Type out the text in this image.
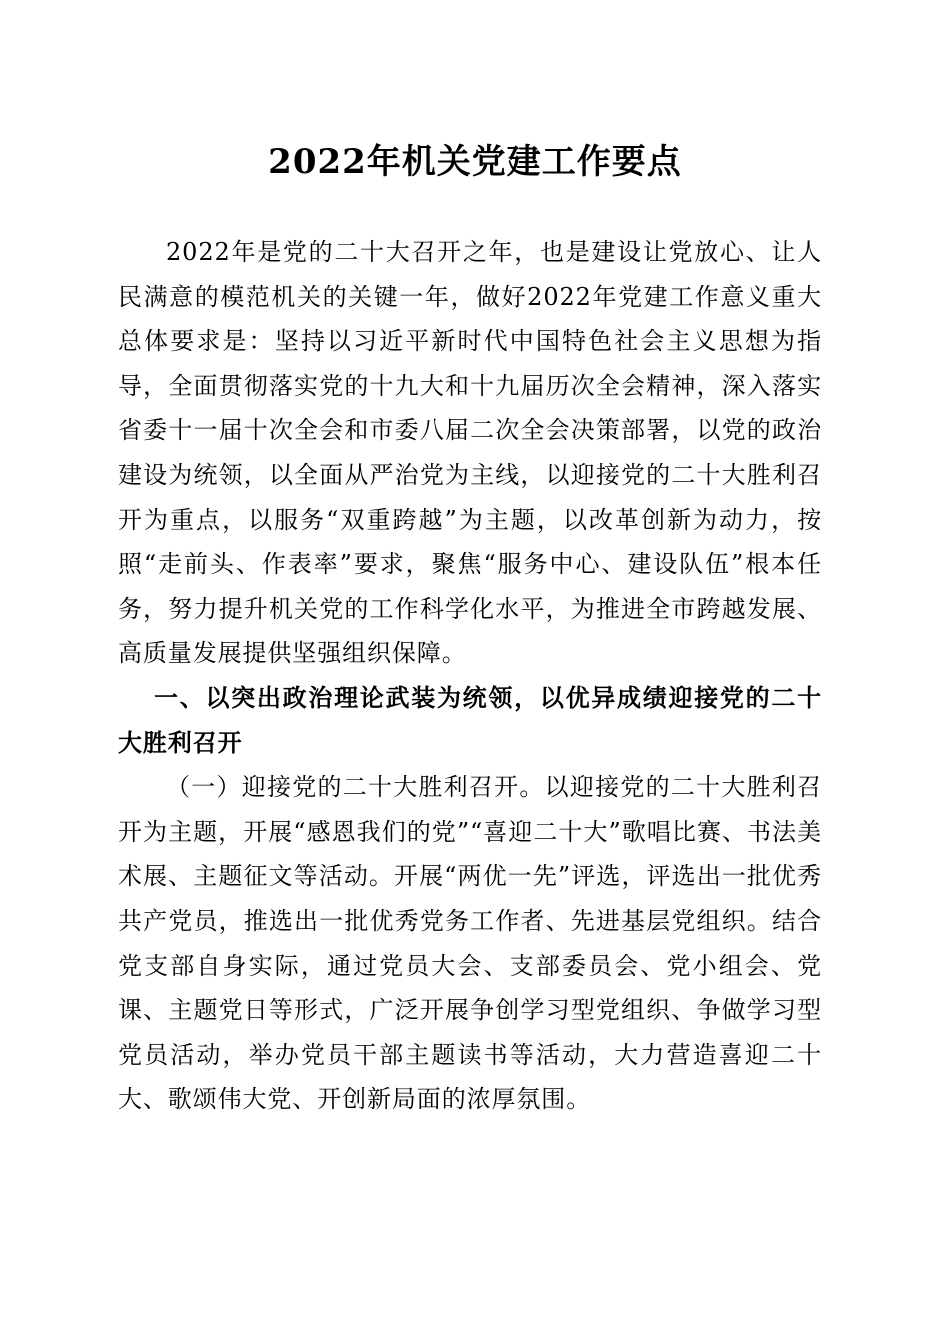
2022年机关党建工作要点

2022年是党的二十大召开之年，也是建设让党放心、让人民满意的模范机关的关键一年，做好2022年党建工作意义重大总体要求是：坚持以习近平新时代中国特色社会主义思想为指导，全面贯彻落实党的十九大和十九届历次全会精神，深入落实省委十一届十次全会和市委八届二次全会决策部署，以党的政治建设为统领，以全面从严治党为主线，以迎接党的二十大胜利召开为重点，以服务“双重跨越”为主题，以改革创新为动力，按照“走前头、作表率”要求，聚焦“服务中心、建设队伍”根本任务，努力提升机关党的工作科学化水平，为推进全市跨越发展、高质量发展提供坚强组织保障。

一、以突出政治理论武装为统领，以优异成绩迎接党的二十大胜利召开

（一）迎接党的二十大胜利召开。以迎接党的二十大胜利召开为主题，开展“感恩我们的党”“喜迎二十大”歌唱比赛、书法美术展、主题征文等活动。开展“两优一先”评选，评选出一批优秀共产党员，推选出一批优秀党务工作者、先进基层党组织。结合党支部自身实际，通过党员大会、支部委员会、党小组会、党课、主题党日等形式，广泛开展争创学习型党组织、争做学习型党员活动，举办党员干部主题读书等活动，大力营造喜迎二十大、歌颂伟大党、开创新局面的浓厚氛围。
